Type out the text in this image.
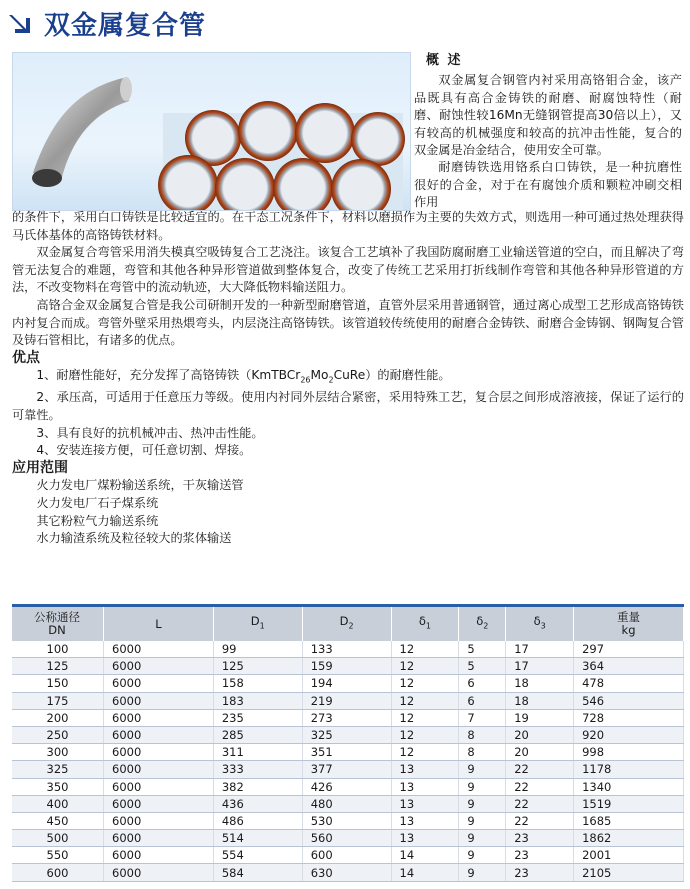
双金属复合管
概 述

双金属复合钢管内衬采用高铬钼合金，该产品既具有高合金铸铁的耐磨、耐腐蚀特性（耐磨、耐蚀性较16Mn无缝钢管提高30倍以上），又有较高的机械强度和较高的抗冲击性能，复合的双金属是冶金结合，使用安全可靠。

耐磨铸铁选用铬系白口铸铁，是一种抗磨性很好的合金，对于在有腐蚀介质和颗粒冲刷交相作用

的条件下，采用白口铸铁是比较适宜的。在干态工况条件下，材料以磨损作为主要的失效方式，则选用一种可通过热处理获得马氏体基体的高铬铸铁材料。

双金属复合弯管采用消失模真空吸铸复合工艺浇注。该复合工艺填补了我国防腐耐磨工业输送管道的空白，而且解决了弯管无法复合的难题，弯管和其他各种异形管道做到整体复合，改变了传统工艺采用打折线制作弯管和其他各种异形管道的方法，不改变物料在弯管中的流动轨迹，大大降低物料输送阻力。

高铬合金双金属复合管是我公司研制开发的一种新型耐磨管道，直管外层采用普通钢管，通过离心成型工艺形成高铬铸铁内衬复合而成。弯管外壁采用热煨弯头，内层浇注高铬铸铁。该管道较传统使用的耐磨合金铸铁、耐磨合金铸钢、钢陶复合管及铸石管相比，有诸多的优点。

优点

1、耐磨性能好，充分发挥了高铬铸铁$(KmTBCr_{26}Mo_2CuRe)$的耐磨性能。

2、承压高，可适用于任意压力等级。使用内衬同外层结合紧密，采用特殊工艺，复合层之间形成溶液接，保证了运行的可靠性。

3、具有良好的抗机械冲击、热冲击性能。

4、安装连接方便，可任意切割、焊接。

应用范围

火力发电厂煤粉输送系统，干灰输送管

火力发电厂石子煤系统

其它粉粒气力输送系统

水力输渣系统及粒径较大的浆体输送

公称通径
DN	L	$D_1$	$D_2$	$\delta_1$	$\delta_2$	$\delta_3$	重量
kg
100	6000	99	133	12	5	17	297
125	6000	125	159	12	5	17	364
150	6000	158	194	12	6	18	478
175	6000	183	219	12	6	18	546
200	6000	235	273	12	7	19	728
250	6000	285	325	12	8	20	920
300	6000	311	351	12	8	20	998
325	6000	333	377	13	9	22	1178
350	6000	382	426	13	9	22	1340
400	6000	436	480	13	9	22	1519
450	6000	486	530	13	9	22	1685
500	6000	514	560	13	9	23	1862
550	6000	554	600	14	9	23	2001
600	6000	584	630	14	9	23	2105
